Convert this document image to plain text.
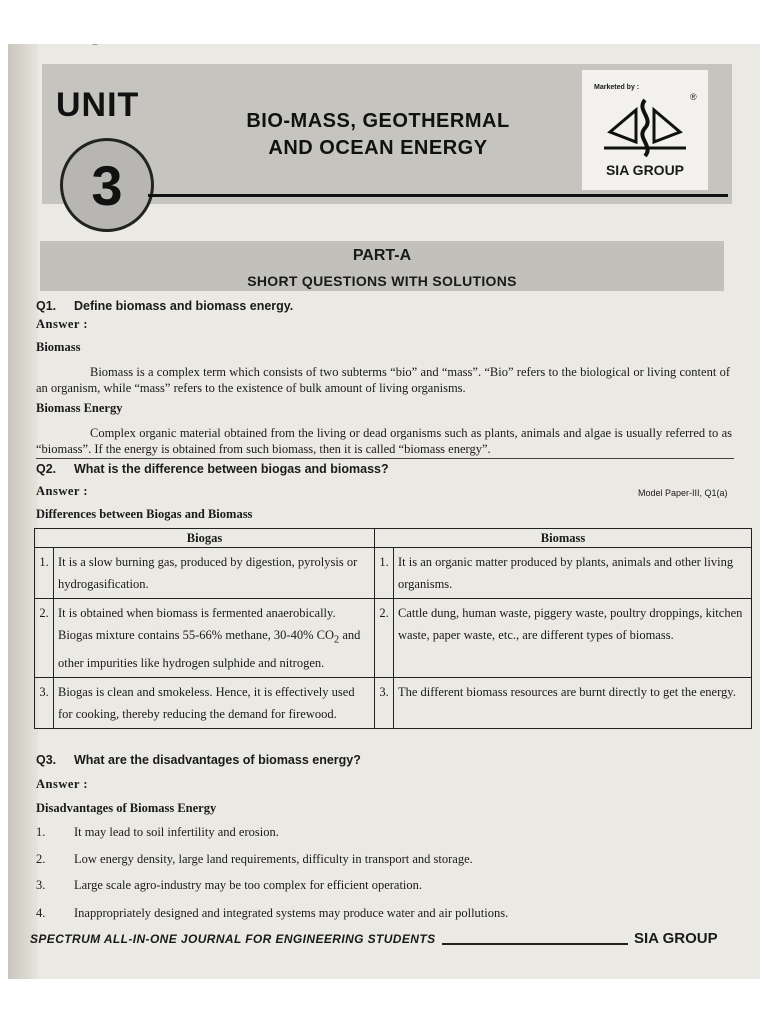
~
UNIT
3
BIO-MASS, GEOTHERMAL
AND OCEAN ENERGY
Marketed by :
®
SIA GROUP
PART-A
SHORT QUESTIONS WITH SOLUTIONS
Q1. Define biomass and biomass energy.
Answer :
Biomass
Biomass is a complex term which consists of two subterms “bio” and “mass”. “Bio” refers to the biological or living content of an organism, while “mass” refers to the existence of bulk amount of living organisms.
Biomass Energy
Complex organic material obtained from the living or dead organisms such as plants, animals and algae is usually referred to as “biomass”. If the energy is obtained from such biomass, then it is called “biomass energy”.
Q2. What is the difference between biogas and biomass?
Answer :	Model Paper-III, Q1(a)
Differences between Biogas and Biomass
Biogas		Biomass	
1.	It is a slow burning gas, produced by digestion, pyrolysis or hydrogasification.	1.	It is an organic matter produced by plants, animals and other living organisms.
2.	It is obtained when biomass is fermented anaerobically. Biogas mixture contains 55-66% methane, 30-40% $CO_2$ and other impurities like hydrogen sulphide and nitrogen.	2.	Cattle dung, human waste, piggery waste, poultry droppings, kitchen waste, paper waste, etc., are different types of biomass.
3.	Biogas is clean and smokeless. Hence, it is effectively used for cooking, thereby reducing the demand for firewood.	3.	The different biomass resources are burnt directly to get the energy.
Q3. What are the disadvantages of biomass energy?
Answer :
Disadvantages of Biomass Energy
1. It may lead to soil infertility and erosion.
2. Low energy density, large land requirements, difficulty in transport and storage.
3. Large scale agro-industry may be too complex for efficient operation.
4. Inappropriately designed and integrated systems may produce water and air pollutions.
SPECTRUM ALL-IN-ONE JOURNAL FOR ENGINEERING STUDENTS	SIA GROUP
